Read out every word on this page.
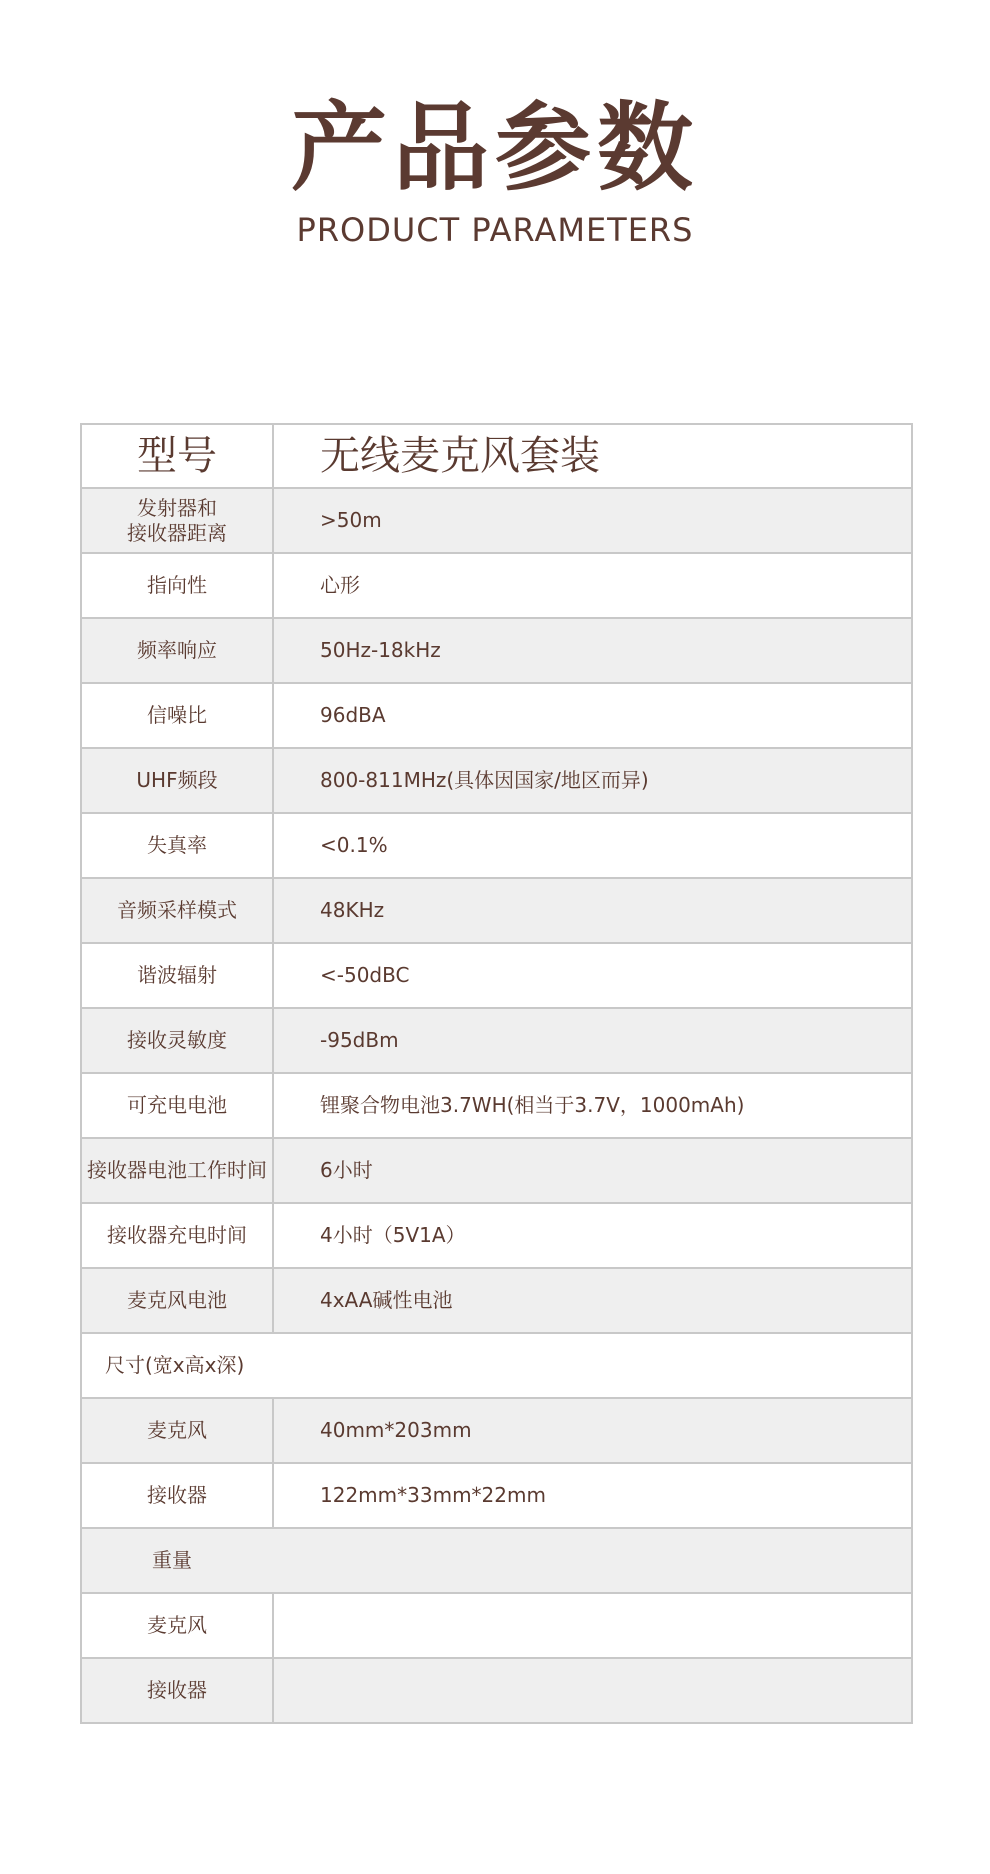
产品参数
PRODUCT PARAMETERS
型号	无线麦克风套装
发射器和
接收器距离	>50m
指向性	心形
频率响应	50Hz-18kHz
信噪比	96dBA
UHF频段	800-811MHz(具体因国家/地区而异)
失真率	<0.1%
音频采样模式	48KHz
谐波辐射	<-50dBC
接收灵敏度	-95dBm
可充电电池	锂聚合物电池3.7WH(相当于3.7V，1000mAh)
接收器电池工作时间	6小时
接收器充电时间	4小时（5V1A）
麦克风电池	4xAA碱性电池
尺寸(宽x高x深)	
麦克风	40mm*203mm
接收器	122mm*33mm*22mm
重量	
麦克风	
接收器	
